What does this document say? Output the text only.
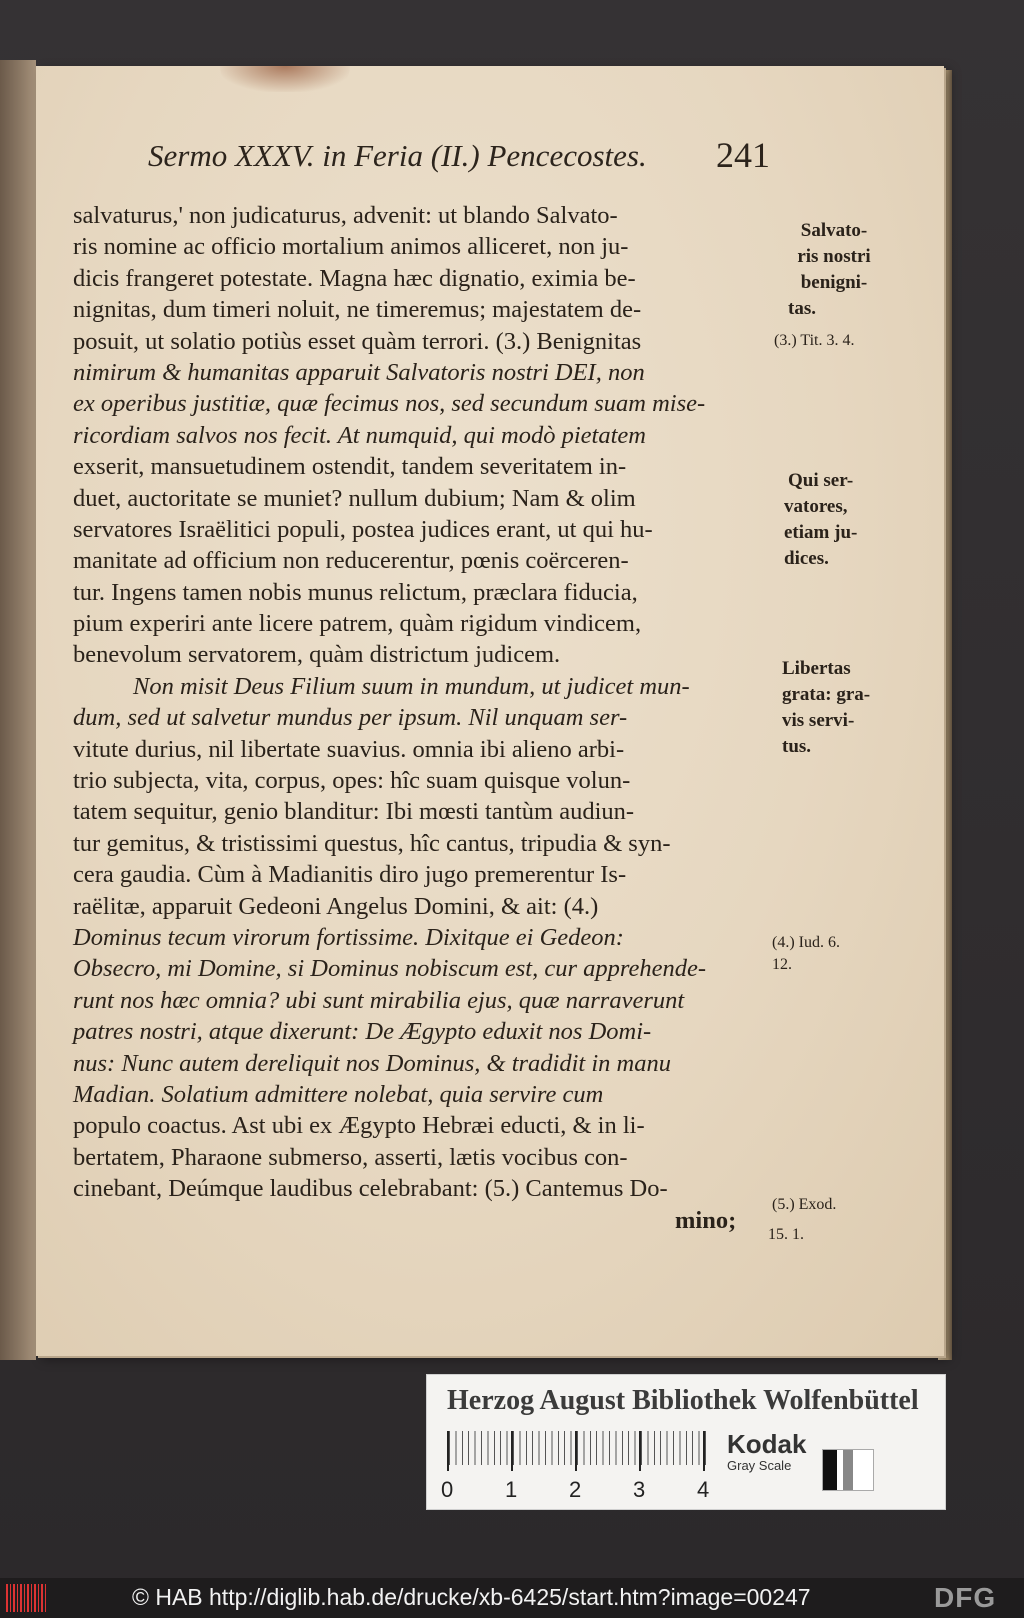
Sermo XXXV. in Feria (II.) Pencecostes. 241
salvaturus,' non judicaturus, advenit: ut blando Salvato-
ris nomine ac officio mortalium animos alliceret, non ju-
dicis frangeret potestate. Magna hæc dignatio, eximia be-
nignitas, dum timeri noluit, ne timeremus; majestatem de-
posuit, ut solatio potiùs esset quàm terrori. (3.) Benignitas
nimirum & humanitas apparuit Salvatoris nostri DEI, non
ex operibus justitiæ, quæ fecimus nos, sed secundum suam mise-
ricordiam salvos nos fecit. At numquid, qui modò pietatem
exserit, mansuetudinem ostendit, tandem severitatem in-
duet, auctoritate se muniet? nullum dubium; Nam & olim
servatores Israëlitici populi, postea judices erant, ut qui hu-
manitate ad officium non reducerentur, pœnis coërceren-
tur. Ingens tamen nobis munus relictum, præclara fiducia,
pium experiri ante licere patrem, quàm rigidum vindicem,
benevolum servatorem, quàm districtum judicem.
Non misit Deus Filium suum in mundum, ut judicet mun-
dum, sed ut salvetur mundus per ipsum. Nil unquam ser-
vitute durius, nil libertate suavius. omnia ibi alieno arbi-
trio subjecta, vita, corpus, opes: hîc suam quisque volun-
tatem sequitur, genio blanditur: Ibi mœsti tantùm audiun-
tur gemitus, & tristissimi questus, hîc cantus, tripudia & syn-
cera gaudia. Cùm à Madianitis diro jugo premerentur Is-
raëlitæ, apparuit Gedeoni Angelus Domini, & ait: (4.)
Dominus tecum virorum fortissime. Dixitque ei Gedeon:
Obsecro, mi Domine, si Dominus nobiscum est, cur apprehende-
runt nos hæc omnia? ubi sunt mirabilia ejus, quæ narraverunt
patres nostri, atque dixerunt: De Ægypto eduxit nos Domi-
nus: Nunc autem dereliquit nos Dominus, & tradidit in manu
Madian. Solatium admittere nolebat, quia servire cum
populo coactus. Ast ubi ex Ægypto Hebræi educti, & in li-
bertatem, Pharaone submerso, asserti, lætis vocibus con-
cinebant, Deúmque laudibus celebrabant: (5.) Cantemus Do-
mino;
Salvato-
ris nostri
benigni-
tas.
(3.) Tit. 3. 4.
Qui ser-
vatores,
etiam ju-
dices.
Libertas
grata: gra-
vis servi-
tus.
(4.) Iud. 6.
12.
(5.) Exod.
15. 1.
Herzog August Bibliothek Wolfenbüttel
0 1 2 3 4
Kodak
Gray Scale
© HAB http://diglib.hab.de/drucke/xb-6425/start.htm?image=00247	DFG
